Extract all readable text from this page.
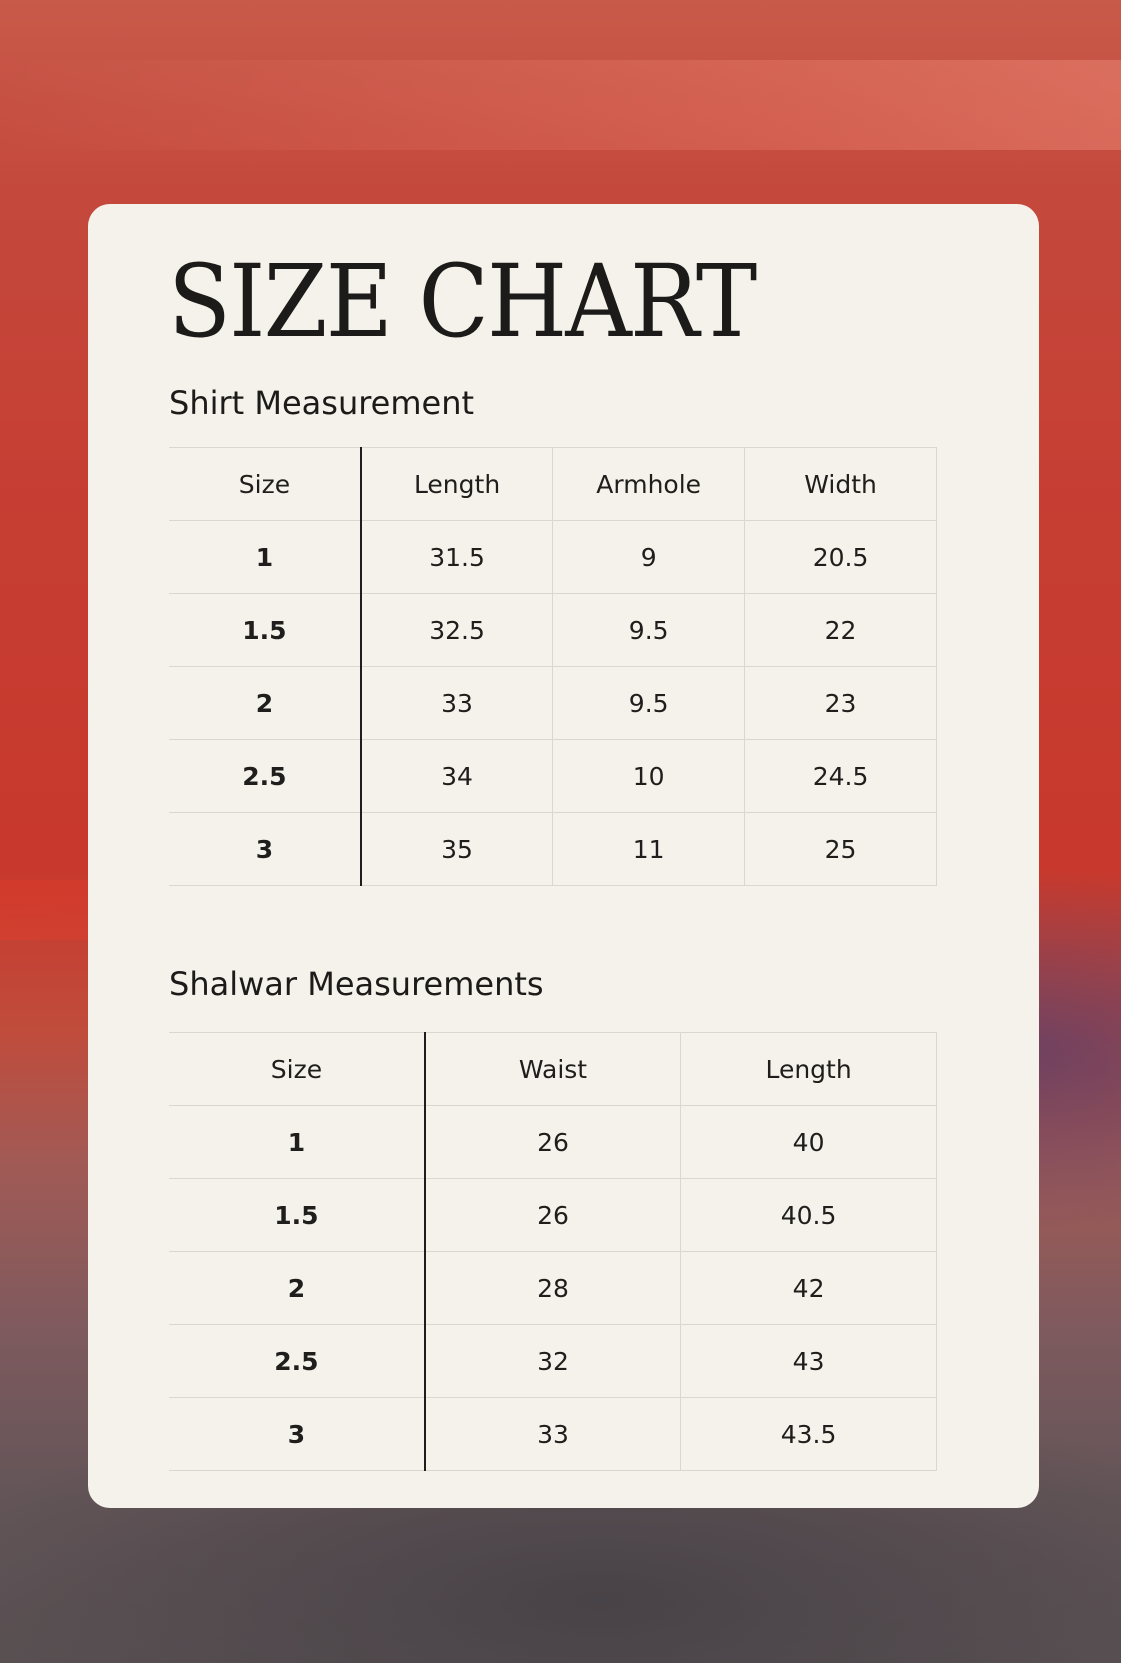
SIZE CHART
Shirt Measurement
Size	Length	Armhole	Width
1	31.5	9	20.5
1.5	32.5	9.5	22
2	33	9.5	23
2.5	34	10	24.5
3	35	11	25
Shalwar Measurements
Size	Waist	Length
1	26	40
1.5	26	40.5
2	28	42
2.5	32	43
3	33	43.5
